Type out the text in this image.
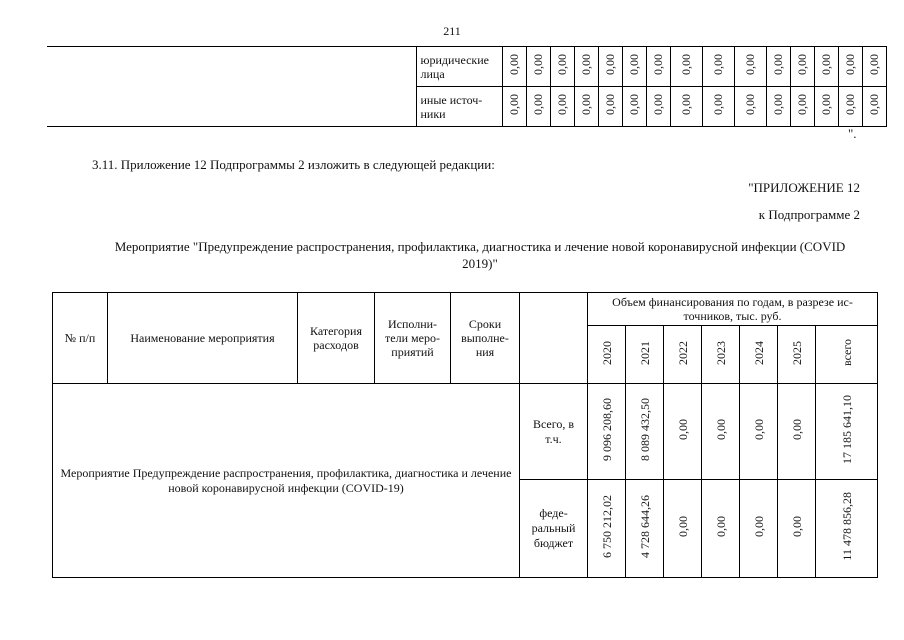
211
	юридические лица	0,00	0,00	0,00	0,00	0,00	0,00	0,00	0,00	0,00	0,00	0,00	0,00	0,00	0,00	0,00
	иные источ-ники	0,00	0,00	0,00	0,00	0,00	0,00	0,00	0,00	0,00	0,00	0,00	0,00	0,00	0,00	0,00
".
3.11. Приложение 12 Подпрограммы 2 изложить в следующей редакции:
"ПРИЛОЖЕНИЕ 12
к Подпрограмме 2
Мероприятие "Предупреждение распространения, профилактика, диагностика и лечение новой коронавирусной инфекции (COVID 2019)"
№ п/п	Наименование мероприятия	Категория расходов	Исполни-тели меро-приятий	Сроки выполне-ния		Объем финансирования по годам, в разрезе ис-точников, тыс. руб.						
						2020	2021	2022	2023	2024	2025	всего
Мероприятие Предупреждение распространения, профилактика, диагностика и лечение новой коронавирусной инфекции (COVID-19)					Всего, в т.ч.	9 096 208,60	8 089 432,50	0,00	0,00	0,00	0,00	17 185 641,10
					феде-ральный бюджет	6 750 212,02	4 728 644,26	0,00	0,00	0,00	0,00	11 478 856,28
